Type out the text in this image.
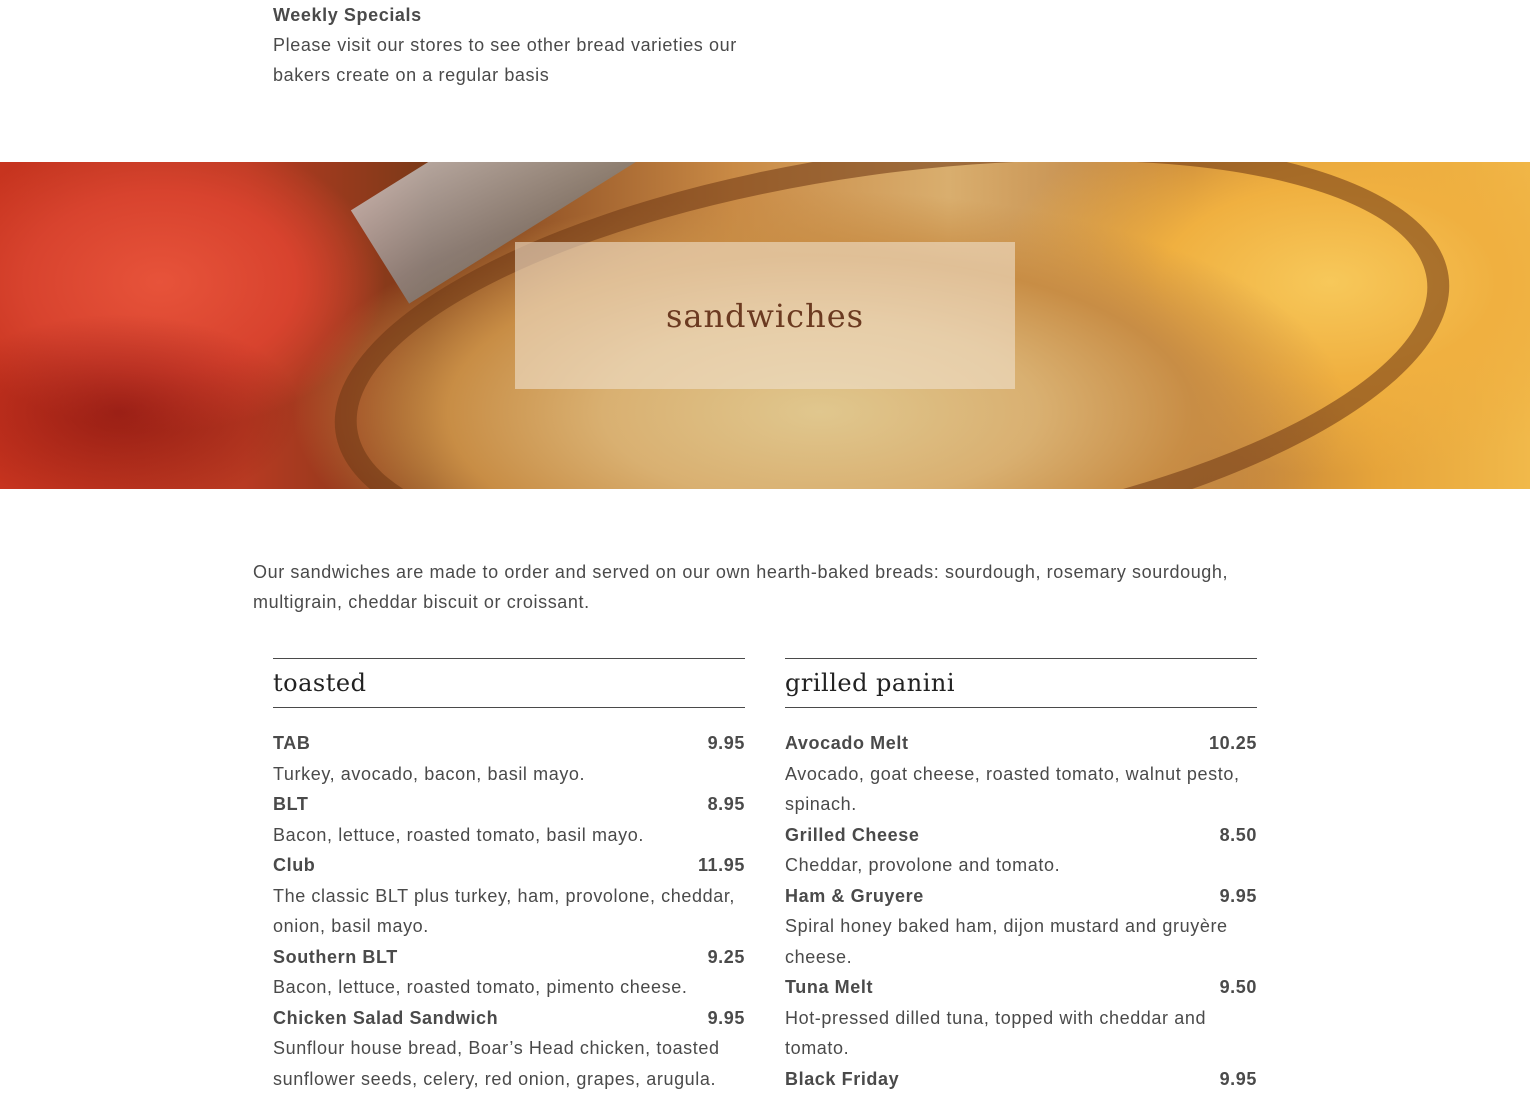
Weekly Specials
Please visit our stores to see other bread varieties our bakers create on a regular basis
sandwiches

Our sandwiches are made to order and served on our own hearth-baked breads: sourdough, rosemary sourdough, multigrain, cheddar biscuit or croissant.

toasted
TAB	9.95
Turkey, avocado, bacon, basil mayo.
BLT	8.95
Bacon, lettuce, roasted tomato, basil mayo.
Club	11.95
The classic BLT plus turkey, ham, provolone, cheddar, onion, basil mayo.
Southern BLT	9.25
Bacon, lettuce, roasted tomato, pimento cheese.
Chicken Salad Sandwich	9.95
Sunflour house bread, Boar’s Head chicken, toasted sunflower seeds, celery, red onion, grapes, arugula.
grilled panini
Avocado Melt	10.25
Avocado, goat cheese, roasted tomato, walnut pesto, spinach.
Grilled Cheese	8.50
Cheddar, provolone and tomato.
Ham & Gruyere	9.95
Spiral honey baked ham, dijon mustard and gruyère cheese.
Tuna Melt	9.50
Hot-pressed dilled tuna, topped with cheddar and tomato.
Black Friday	9.95
